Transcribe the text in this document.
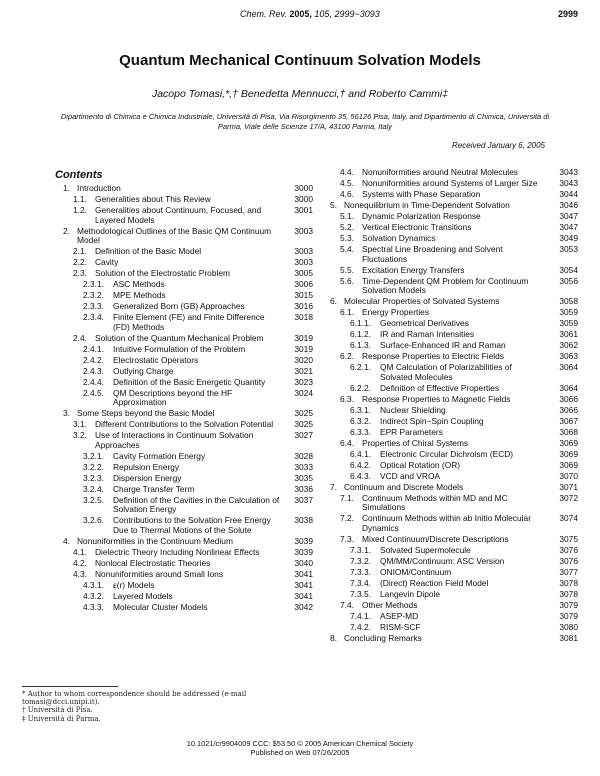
Chem. Rev. 2005, 105, 2999−3093	2999
Quantum Mechanical Continuum Solvation Models
Jacopo Tomasi,*,† Benedetta Mennucci,† and Roberto Cammi‡
Dipartimento di Chimica e Chimica Industriale, Università di Pisa, Via Risorgimento 35, 56126 Pisa, Italy, and Dipartimento di Chimica, Università di Parma, Viale delle Scienze 17/A, 43100 Parma, Italy
Received January 6, 2005
Contents
1. Introduction	3000
1.1. Generalities about This Review	3000
1.2. Generalities about Continuum, Focused, and Layered Models
3001
2. Methodological Outlines of the Basic QM Continuum Model
3003
2.1. Definition of the Basic Model	3003
2.2. Cavity	3003
2.3. Solution of the Electrostatic Problem	3005
2.3.1.	ASC Methods	3006
2.3.2.	MPE Methods	3015
2.3.3.	Generalized Born (GB) Approaches	3016
2.3.4.	Finite Element (FE) and Finite Difference (FD) Methods
3018
2.4. Solution of the Quantum Mechanical Problem	3019
2.4.1.	Intuitive Formulation of the Problem	3019
2.4.2.	Electrostatic Operators	3020
2.4.3.	Outlying Charge	3021
2.4.4.	Definition of the Basic Energetic Quantity	3023
2.4.5.	QM Descriptions beyond the HF Approximation
3024
3. Some Steps beyond the Basic Model	3025
3.1. Different Contributions to the Solvation Potential	3025
3.2. Use of Interactions in Continuum Solvation Approaches
3027
3.2.1.	Cavity Formation Energy	3028
3.2.2.	Repulsion Energy	3033
3.2.3.	Dispersion Energy	3035
3.2.4.	Charge Transfer Term	3036
3.2.5.	Definition of the Cavities in the Calculation of Solvation Energy
3037
3.2.6.	Contributions to the Solvation Free Energy Due to Thermal Motions of the Solute
3038
4. Nonuniformities in the Continuum Medium	3039
4.1. Dielectric Theory Including Nonlinear Effects	3039
4.2. Nonlocal Electrostatic Theories	3040
4.3. Nonuniformities around Small Ions	3041
4.3.1.	ε(r) Models	3041
4.3.2.	Layered Models	3041
4.3.3.	Molecular Cluster Models	3042
4.4. Nonuniformities around Neutral Molecules	3043
4.5. Nonuniformities around Systems of Larger Size	3043
4.6. Systems with Phase Separation	3044
5. Nonequilibrium in Time-Dependent Solvation	3046
5.1. Dynamic Polarization Response	3047
5.2. Vertical Electronic Transitions	3047
5.3. Solvation Dynamics	3049
5.4. Spectral Line Broadening and Solvent Fluctuations
3053
5.5. Excitation Energy Transfers	3054
5.6. Time-Dependent QM Problem for Continuum Solvation Models
3056
6. Molecular Properties of Solvated Systems	3058
6.1. Energy Properties	3059
6.1.1.	Geometrical Derivatives	3059
6.1.2.	IR and Raman Intensities	3061
6.1.3.	Surface-Enhanced IR and Raman	3062
6.2. Response Properties to Electric Fields	3063
6.2.1.	QM Calculation of Polarizabilities of Solvated Molecules
3064
6.2.2.	Definition of Effective Properties	3064
6.3. Response Properties to Magnetic Fields	3066
6.3.1.	Nuclear Shielding	3066
6.3.2.	Indirect Spin−Spin Coupling	3067
6.3.3.	EPR Parameters	3068
6.4. Properties of Chiral Systems	3069
6.4.1.	Electronic Circular Dichroism (ECD)	3069
6.4.2.	Optical Rotation (OR)	3069
6.4.3.	VCD and VROA	3070
7. Continuum and Discrete Models	3071
7.1. Continuum Methods within MD and MC Simulations
3072
7.2. Continuum Methods within ab Initio Molecular Dynamics
3074
7.3. Mixed Continuum/Discrete Descriptions	3075
7.3.1.	Solvated Supermolecule	3076
7.3.2.	QM/MM/Continuum: ASC Version	3076
7.3.3.	ONIOM/Continuum	3077
7.3.4.	(Direct) Reaction Field Model	3078
7.3.5.	Langevin Dipole	3078
7.4. Other Methods	3079
7.4.1.	ASEP-MD	3079
7.4.2.	RISM-SCF	3080
8. Concluding Remarks	3081
* Author to whom correspondence should be addressed (e-mail tomasi@dcci.unipi.it).
† Università di Pisa.
‡ Università di Parma.
10.1021/cr9904009 CCC: $53.50 © 2005 American Chemical Society
Published on Web 07/26/2005
